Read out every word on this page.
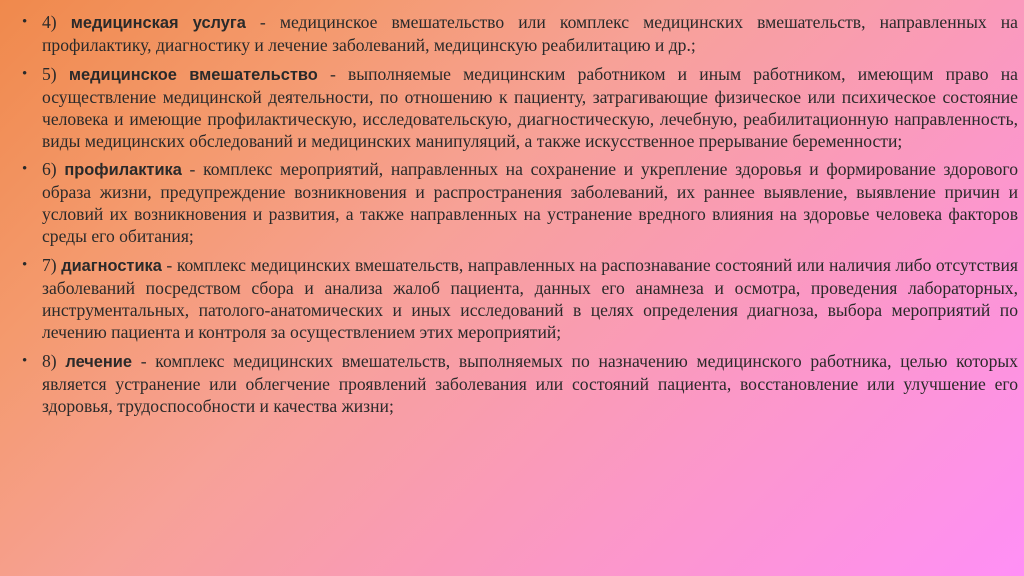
• 4) медицинская услуга - медицинское вмешательство или комплекс медицинских вмешательств, направленных на профилактику, диагностику и лечение заболеваний, медицинскую реабилитацию и др.;
• 5) медицинское вмешательство - выполняемые медицинским работником и иным работником, имеющим право на осуществление медицинской деятельности, по отношению к пациенту, затрагивающие физическое или психическое состояние человека и имеющие профилактическую, исследовательскую, диагностическую, лечебную, реабилитационную направленность, виды медицинских обследований и медицинских манипуляций, а также искусственное прерывание беременности;
• 6) профилактика - комплекс мероприятий, направленных на сохранение и укрепление здоровья и формирование здорового образа жизни, предупреждение возникновения и распространения заболеваний, их раннее выявление, выявление причин и условий их возникновения и развития, а также направленных на устранение вредного влияния на здоровье человека факторов среды его обитания;
• 7) диагностика - комплекс медицинских вмешательств, направленных на распознавание состояний или наличия либо отсутствия заболеваний посредством сбора и анализа жалоб пациента, данных его анамнеза и осмотра, проведения лабораторных, инструментальных, патолого-анатомических и иных исследований в целях определения диагноза, выбора мероприятий по лечению пациента и контроля за осуществлением этих мероприятий;
• 8) лечение - комплекс медицинских вмешательств, выполняемых по назначению медицинского работника, целью которых является устранение или облегчение проявлений заболевания или состояний пациента, восстановление или улучшение его здоровья, трудоспособности и качества жизни;
